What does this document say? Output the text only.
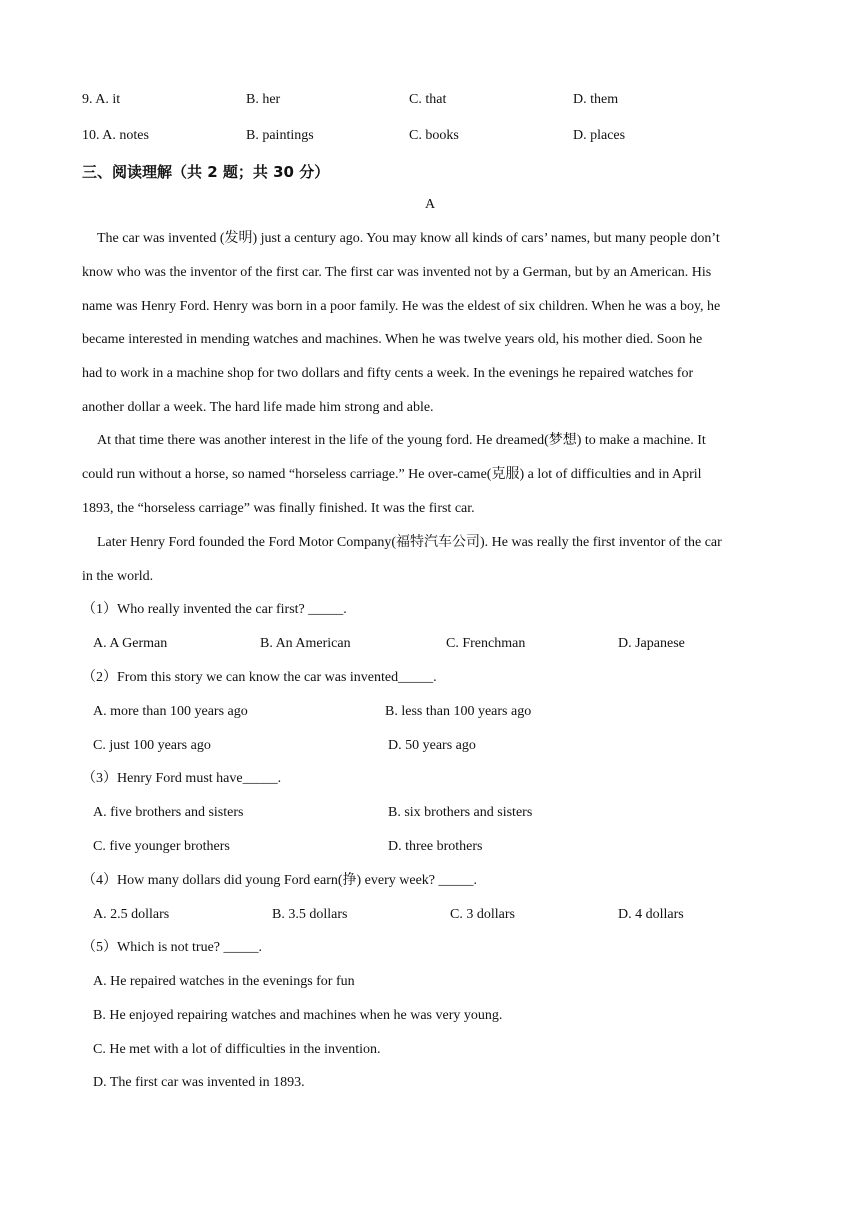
9. A. it	B. her	C. that	D. them
10. A. notes	B. paintings	C. books	D. places
三、阅读理解（共 2 题；共 30 分）
A
The car was invented (发明) just a century ago. You may know all kinds of cars’ names, but many people don’t
know who was the inventor of the first car. The first car was invented not by a German, but by an American. His
name was Henry Ford. Henry was born in a poor family. He was the eldest of six children. When he was a boy, he
became interested in mending watches and machines. When he was twelve years old, his mother died. Soon he
had to work in a machine shop for two dollars and fifty cents a week. In the evenings he repaired watches for
another dollar a week. The hard life made him strong and able.
At that time there was another interest in the life of the young ford. He dreamed(梦想) to make a machine. It
could run without a horse, so named “horseless carriage.” He over-came(克服) a lot of difficulties and in April
1893, the “horseless carriage” was finally finished. It was the first car.
Later Henry Ford founded the Ford Motor Company(福特汽车公司). He was really the first inventor of the car
in the world.
（1）Who really invented the car first? _____.
A. A German	B. An American	C. Frenchman	D. Japanese
（2）From this story we can know the car was invented_____.
A. more than 100 years ago	B. less than 100 years ago
C. just 100 years ago	D. 50 years ago
（3）Henry Ford must have_____.
A. five brothers and sisters	B. six brothers and sisters
C. five younger brothers	D. three brothers
（4）How many dollars did young Ford earn(挣) every week? _____.
A. 2.5 dollars	B. 3.5 dollars	C. 3 dollars	D. 4 dollars
（5）Which is not true? _____.
A. He repaired watches in the evenings for fun
B. He enjoyed repairing watches and machines when he was very young.
C. He met with a lot of difficulties in the invention.
D. The first car was invented in 1893.
